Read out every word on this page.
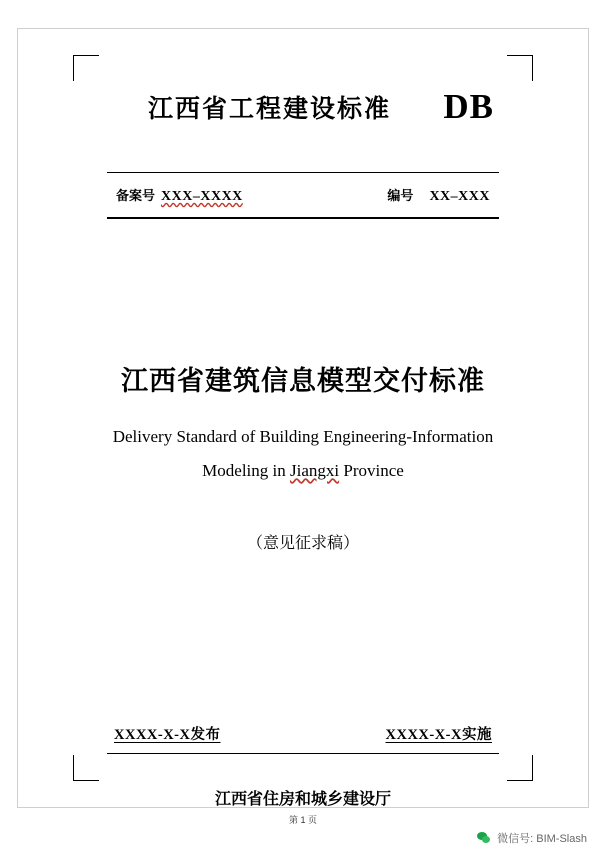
江西省工程建设标准 DB
备案号 XXX–XXXX	编号 XX–XXX
江西省建筑信息模型交付标准

Delivery Standard of Building Engineering-Information
Modeling in Jiangxi Province

（意见征求稿）
XXXX-X-X发布	XXXX-X-X实施
江西省住房和城乡建设厅
第 1 页
微信号: BIM-Slash
